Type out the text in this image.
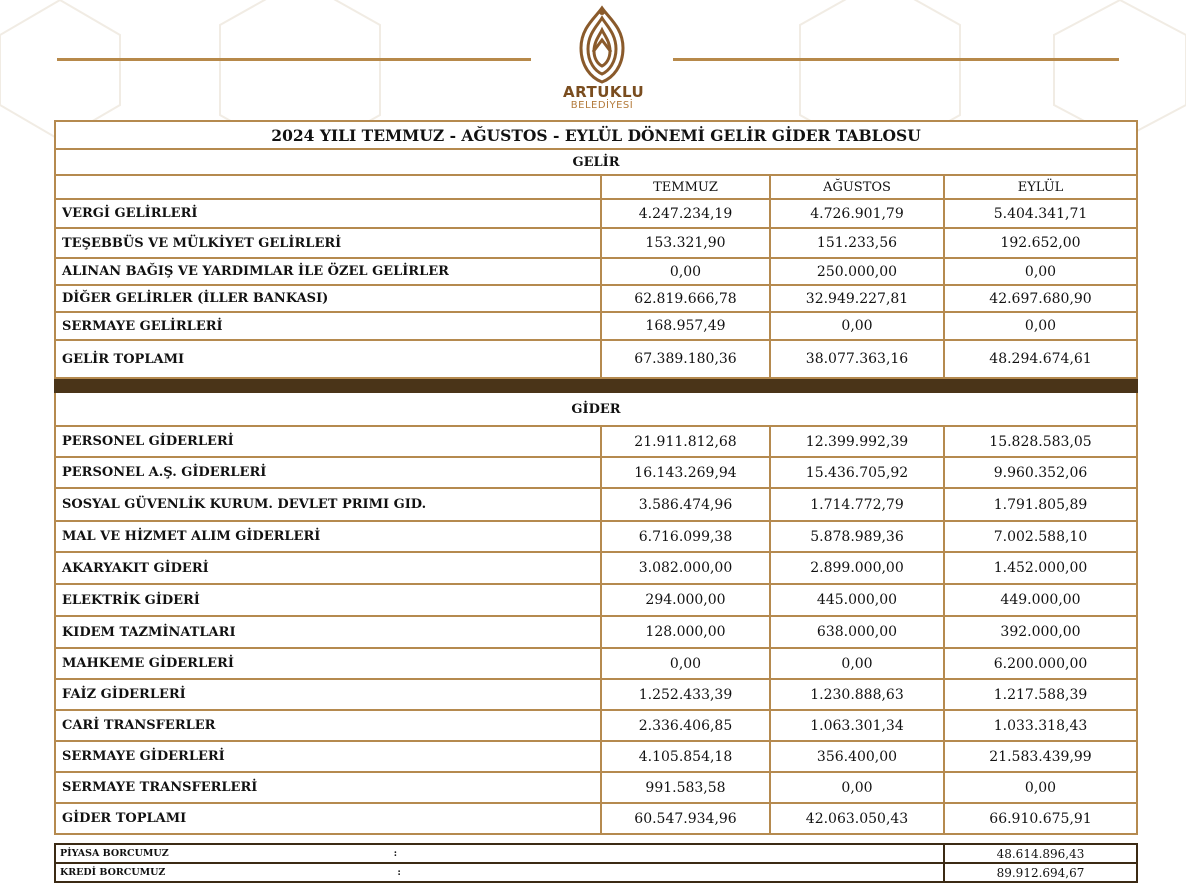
ARTUKLU
BELEDİYESİ
2024 YILI TEMMUZ - AĞUSTOS - EYLÜL DÖNEMİ GELİR GİDER TABLOSU			
GELİR			
	TEMMUZ	AĞUSTOS	EYLÜL
VERGİ GELİRLERİ	4.247.234,19	4.726.901,79	5.404.341,71
TEŞEBBÜS VE MÜLKİYET GELİRLERİ	153.321,90	151.233,56	192.652,00
ALINAN BAĞIŞ VE YARDIMLAR İLE ÖZEL GELİRLER	0,00	250.000,00	0,00
DİĞER GELİRLER (İLLER BANKASI)	62.819.666,78	32.949.227,81	42.697.680,90
SERMAYE GELİRLERİ	168.957,49	0,00	0,00
GELİR TOPLAMI	67.389.180,36	38.077.363,16	48.294.674,61

GİDER			
PERSONEL GİDERLERİ	21.911.812,68	12.399.992,39	15.828.583,05
PERSONEL A.Ş. GİDERLERİ	16.143.269,94	15.436.705,92	9.960.352,06
SOSYAL GÜVENLİK KURUM. DEVLET PRIMI GID.	3.586.474,96	1.714.772,79	1.791.805,89
MAL VE HİZMET ALIM GİDERLERİ	6.716.099,38	5.878.989,36	7.002.588,10
AKARYAKIT GİDERİ	3.082.000,00	2.899.000,00	1.452.000,00
ELEKTRİK GİDERİ	294.000,00	445.000,00	449.000,00
KIDEM TAZMİNATLARI	128.000,00	638.000,00	392.000,00
MAHKEME GİDERLERİ	0,00	0,00	6.200.000,00
FAİZ GİDERLERİ	1.252.433,39	1.230.888,63	1.217.588,39
CARİ TRANSFERLER	2.336.406,85	1.063.301,34	1.033.318,43
SERMAYE GİDERLERİ	4.105.854,18	356.400,00	21.583.439,99
SERMAYE TRANSFERLERİ	991.583,58	0,00	0,00
GİDER TOPLAMI	60.547.934,96	42.063.050,43	66.910.675,91
PİYASA BORCUMUZ :	48.614.896,43
KREDİ BORCUMUZ :	89.912.694,67
